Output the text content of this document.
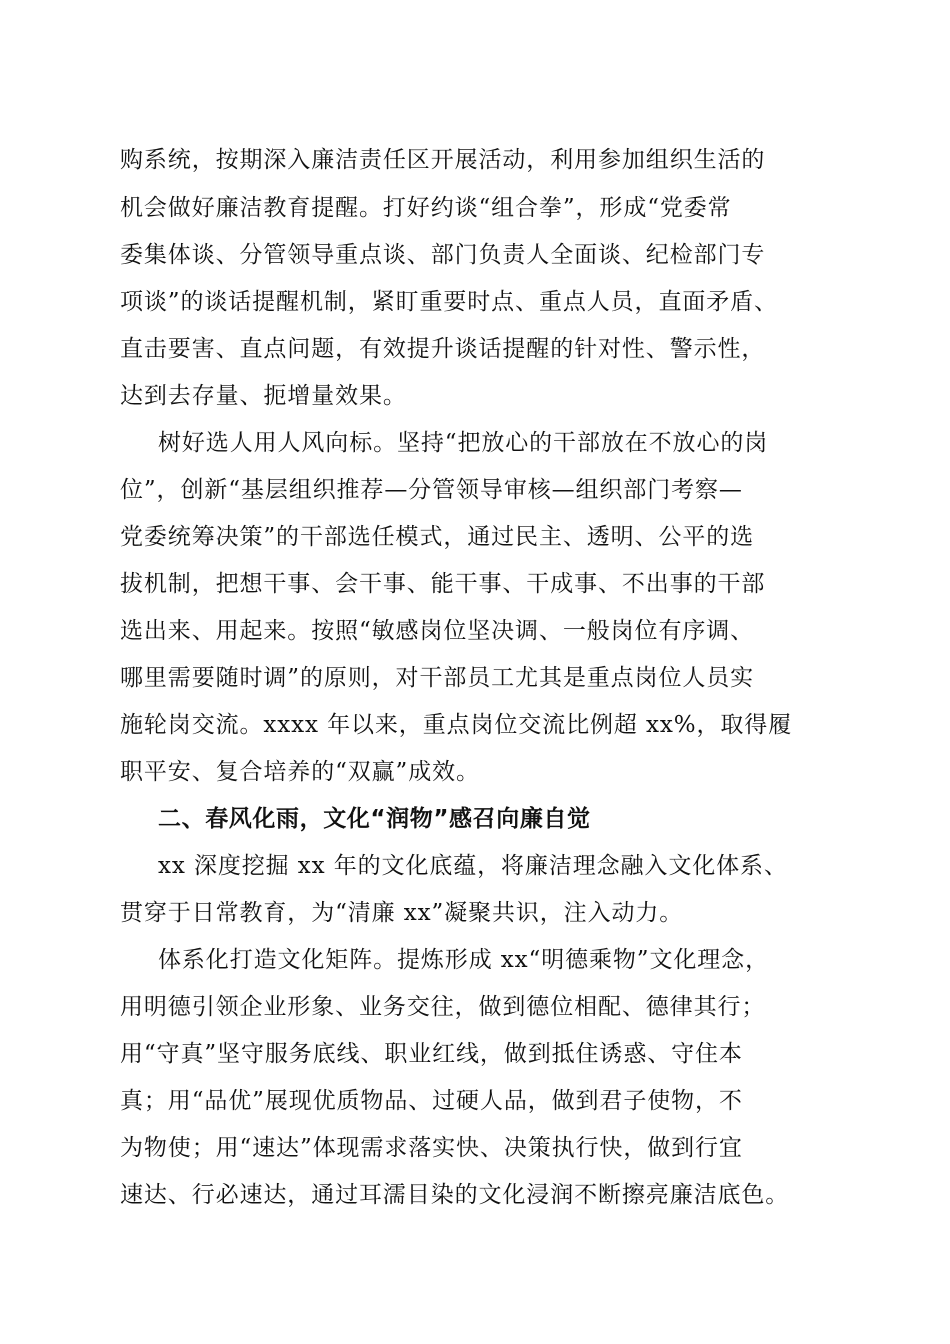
购系统，按期深入廉洁责任区开展活动，利用参加组织生活的
机会做好廉洁教育提醒。打好约谈“组合拳”，形成“党委常
委集体谈、分管领导重点谈、部门负责人全面谈、纪检部门专
项谈”的谈话提醒机制，紧盯重要时点、重点人员，直面矛盾、
直击要害、直点问题，有效提升谈话提醒的针对性、警示性，
达到去存量、扼增量效果。
树好选人用人风向标。坚持“把放心的干部放在不放心的岗
位”，创新“基层组织推荐—分管领导审核—组织部门考察—
党委统筹决策”的干部选任模式，通过民主、透明、公平的选
拔机制，把想干事、会干事、能干事、干成事、不出事的干部
选出来、用起来。按照“敏感岗位坚决调、一般岗位有序调、
哪里需要随时调”的原则，对干部员工尤其是重点岗位人员实
施轮岗交流。xxxx 年以来，重点岗位交流比例超 xx%，取得履
职平安、复合培养的“双赢”成效。
二、春风化雨，文化“润物”感召向廉自觉
xx 深度挖掘 xx 年的文化底蕴，将廉洁理念融入文化体系、
贯穿于日常教育，为“清廉 xx”凝聚共识，注入动力。
体系化打造文化矩阵。提炼形成 xx“明德乘物”文化理念，
用明德引领企业形象、业务交往，做到德位相配、德律其行；
用“守真”坚守服务底线、职业红线，做到抵住诱惑、守住本
真；用“品优”展现优质物品、过硬人品，做到君子使物，不
为物使；用“速达”体现需求落实快、决策执行快，做到行宜
速达、行必速达，通过耳濡目染的文化浸润不断擦亮廉洁底色。
